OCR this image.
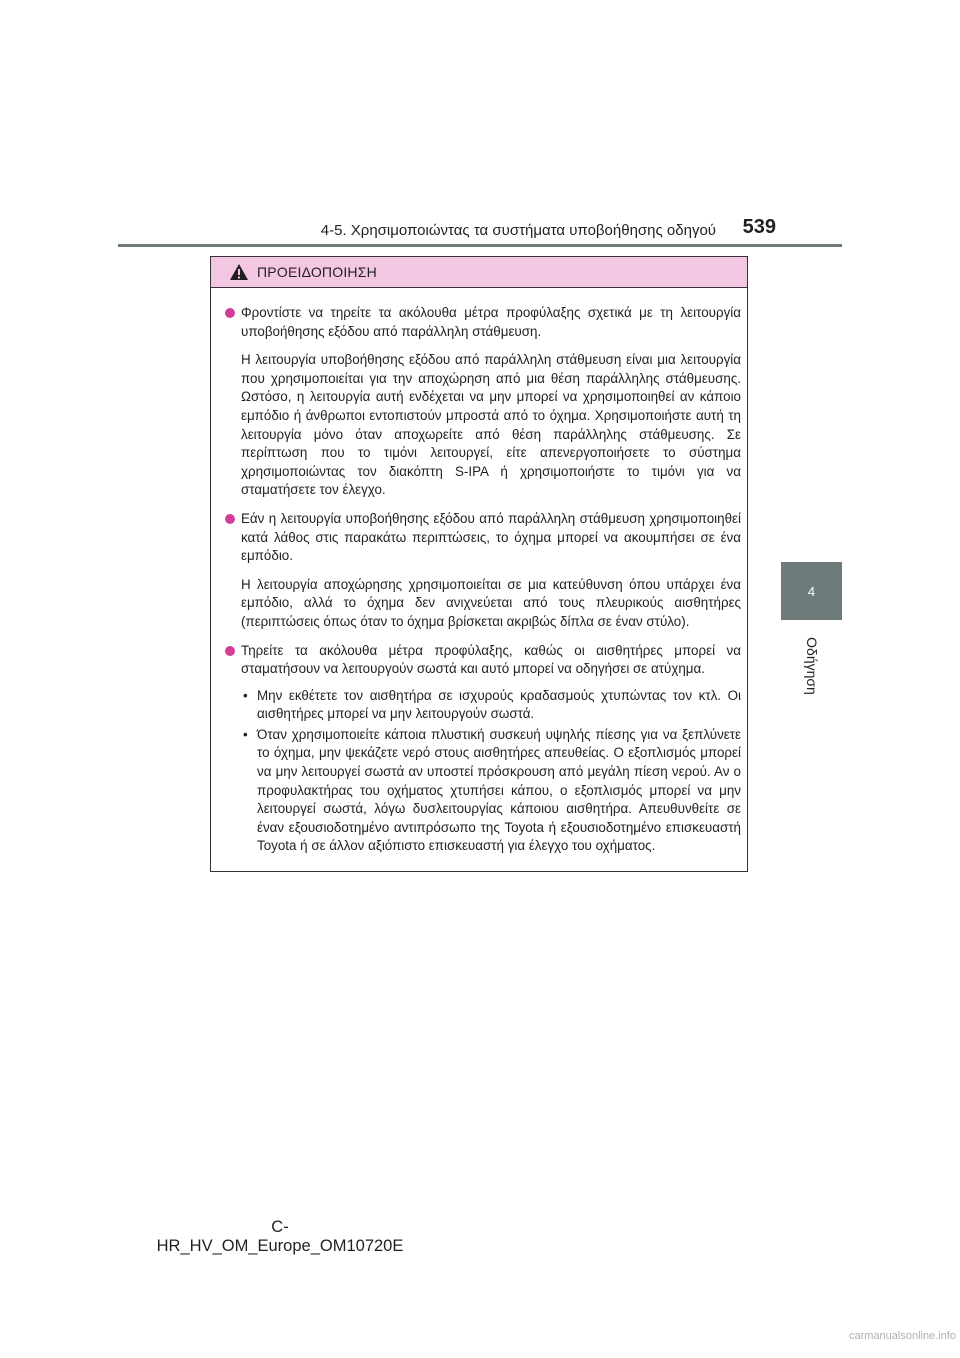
4-5. Χρησιμοποιώντας τα συστήματα υποβοήθησης οδηγού	539
4
Οδήγηση
ΠΡΟΕΙΔΟΠΟΙΗΣΗ

Φροντίστε να τηρείτε τα ακόλουθα μέτρα προφύλαξης σχετικά με τη λειτουργία υποβοήθησης εξόδου από παράλληλη στάθμευση.

Η λειτουργία υποβοήθησης εξόδου από παράλληλη στάθμευση είναι μια λειτουργία που χρησιμοποιείται για την αποχώρηση από μια θέση παράλληλης στάθμευσης. Ωστόσο, η λειτουργία αυτή ενδέχεται να μην μπορεί να χρησιμοποιηθεί αν κάποιο εμπόδιο ή άνθρωποι εντοπιστούν μπροστά από το όχημα. Χρησιμοποιήστε αυτή τη λειτουργία μόνο όταν αποχωρείτε από θέση παράλληλης στάθμευσης. Σε περίπτωση που το τιμόνι λειτουργεί, είτε απενεργοποιήσετε το σύστημα χρησιμοποιώντας τον διακόπτη S-IPA ή χρησιμοποιήστε το τιμόνι για να σταματήσετε τον έλεγχο.

Εάν η λειτουργία υποβοήθησης εξόδου από παράλληλη στάθμευση χρησιμοποιηθεί κατά λάθος στις παρακάτω περιπτώσεις, το όχημα μπορεί να ακουμπήσει σε ένα εμπόδιο.

Η λειτουργία αποχώρησης χρησιμοποιείται σε μια κατεύθυνση όπου υπάρχει ένα εμπόδιο, αλλά το όχημα δεν ανιχνεύεται από τους πλευρικούς αισθητήρες (περιπτώσεις όπως όταν το όχημα βρίσκεται ακριβώς δίπλα σε έναν στύλο).

Τηρείτε τα ακόλουθα μέτρα προφύλαξης, καθώς οι αισθητήρες μπορεί να σταματήσουν να λειτουργούν σωστά και αυτό μπορεί να οδηγήσει σε ατύχημα.

• Μην εκθέτετε τον αισθητήρα σε ισχυρούς κραδασμούς χτυπώντας τον κτλ. Οι αισθητήρες μπορεί να μην λειτουργούν σωστά.
• Όταν χρησιμοποιείτε κάποια πλυστική συσκευή υψηλής πίεσης για να ξεπλύνετε το όχημα, μην ψεκάζετε νερό στους αισθητήρες απευθείας. Ο εξοπλισμός μπορεί να μην λειτουργεί σωστά αν υποστεί πρόσκρουση από μεγάλη πίεση νερού. Αν ο προφυλακτήρας του οχήματος χτυπήσει κάπου, ο εξοπλισμός μπορεί να μην λειτουργεί σωστά, λόγω δυσλειτουργίας κάποιου αισθητήρα. Απευθυνθείτε σε έναν εξουσιοδοτημένο αντιπρόσωπο της Toyota ή εξουσιοδοτημένο επισκευαστή Toyota ή σε άλλον αξιόπιστο επισκευαστή για έλεγχο του οχήματος.
C-HR_HV_OM_Europe_OM10720E
carmanualsonline.info
